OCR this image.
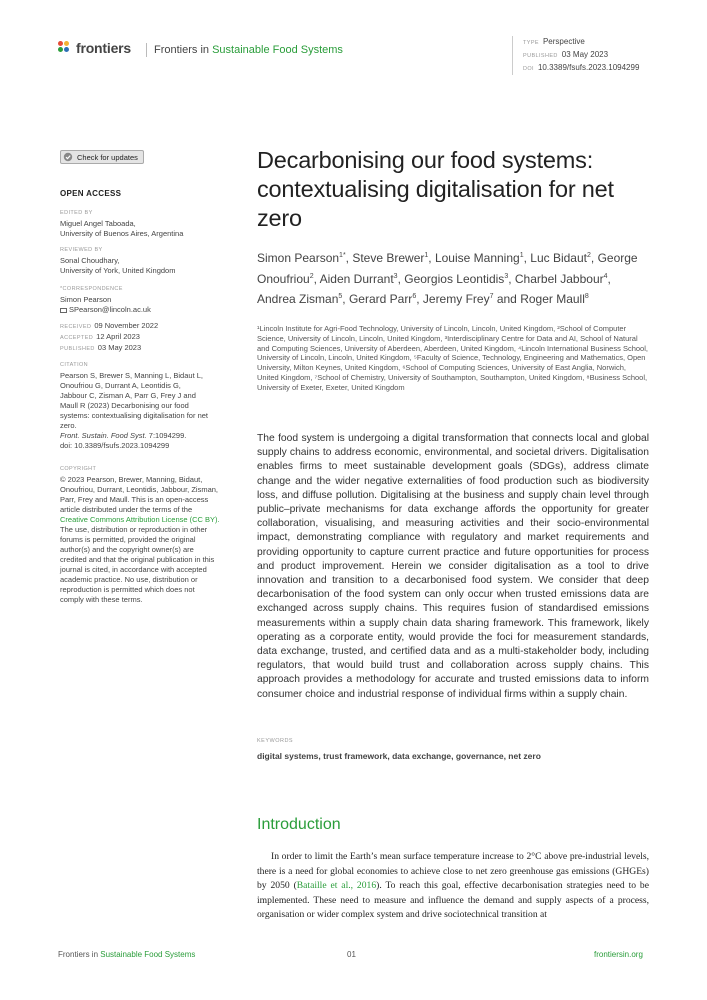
frontiers Frontiers in Sustainable Food Systems
TYPE Perspective
PUBLISHED 03 May 2023
DOI 10.3389/fsufs.2023.1094299
Check for updates
OPEN ACCESS
EDITED BY
Miguel Angel Taboada,
University of Buenos Aires, Argentina
REVIEWED BY
Sonal Choudhary,
University of York, United Kingdom
*CORRESPONDENCE
Simon Pearson
SPearson@lincoln.ac.uk
RECEIVED 09 November 2022
ACCEPTED 12 April 2023
PUBLISHED 03 May 2023
CITATION
Pearson S, Brewer S, Manning L, Bidaut L,
Onoufriou G, Durrant A, Leontidis G,
Jabbour C, Zisman A, Parr G, Frey J and
Maull R (2023) Decarbonising our food
systems: contextualising digitalisation for net
zero.
Front. Sustain. Food Syst. 7:1094299.
doi: 10.3389/fsufs.2023.1094299
COPYRIGHT
© 2023 Pearson, Brewer, Manning, Bidaut,
Onoufriou, Durrant, Leontidis, Jabbour, Zisman,
Parr, Frey and Maull. This is an open-access
article distributed under the terms of the
Creative Commons Attribution License (CC BY).
The use, distribution or reproduction in other
forums is permitted, provided the original
author(s) and the copyright owner(s) are
credited and that the original publication in this
journal is cited, in accordance with accepted
academic practice. No use, distribution or
reproduction is permitted which does not
comply with these terms.
Decarbonising our food systems: contextualising digitalisation for net zero
Simon Pearson$^{1*}$, Steve Brewer$^1$, Louise Manning$^1$, Luc Bidaut$^2$, George Onoufriou$^2$, Aiden Durrant$^3$, Georgios Leontidis$^3$, Charbel Jabbour$^4$, Andrea Zisman$^5$, Gerard Parr$^6$, Jeremy Frey$^7$ and Roger Maull$^8$
¹Lincoln Institute for Agri-Food Technology, University of Lincoln, Lincoln, United Kingdom, ²School of Computer Science, University of Lincoln, Lincoln, United Kingdom, ³Interdisciplinary Centre for Data and AI, School of Natural and Computing Sciences, University of Aberdeen, Aberdeen, United Kingdom, ⁴Lincoln International Business School, University of Lincoln, Lincoln, United Kingdom, ⁵Faculty of Science, Technology, Engineering and Mathematics, Open University, Milton Keynes, United Kingdom, ⁶School of Computing Sciences, University of East Anglia, Norwich, United Kingdom, ⁷School of Chemistry, University of Southampton, Southampton, United Kingdom, ⁸Business School, University of Exeter, Exeter, United Kingdom
The food system is undergoing a digital transformation that connects local and global supply chains to address economic, environmental, and societal drivers. Digitalisation enables firms to meet sustainable development goals (SDGs), address climate change and the wider negative externalities of food production such as biodiversity loss, and diffuse pollution. Digitalising at the business and supply chain level through public–private mechanisms for data exchange affords the opportunity for greater collaboration, visualising, and measuring activities and their socio-environmental impact, demonstrating compliance with regulatory and market requirements and providing opportunity to capture current practice and future opportunities for process and product improvement. Herein we consider digitalisation as a tool to drive innovation and transition to a decarbonised food system. We consider that deep decarbonisation of the food system can only occur when trusted emissions data are exchanged across supply chains. This requires fusion of standardised emissions measurements within a supply chain data sharing framework. This framework, likely operating as a corporate entity, would provide the foci for measurement standards, data exchange, trusted, and certified data and as a multi-stakeholder body, including regulators, that would build trust and collaboration across supply chains. This approach provides a methodology for accurate and trusted emissions data to inform consumer choice and industrial response of individual firms within a supply chain.
KEYWORDS
digital systems, trust framework, data exchange, governance, net zero
Introduction

In order to limit the Earth’s mean surface temperature increase to 2°C above pre-industrial levels, there is a need for global economies to achieve close to net zero greenhouse gas emissions (GHGEs) by 2050 (Bataille et al., 2016). To reach this goal, effective decarbonisation strategies need to be implemented. These need to measure and influence the demand and supply aspects of a process, organisation or wider complex system and drive sociotechnical transition at

Frontiers in Sustainable Food Systems	01	frontiersin.org
